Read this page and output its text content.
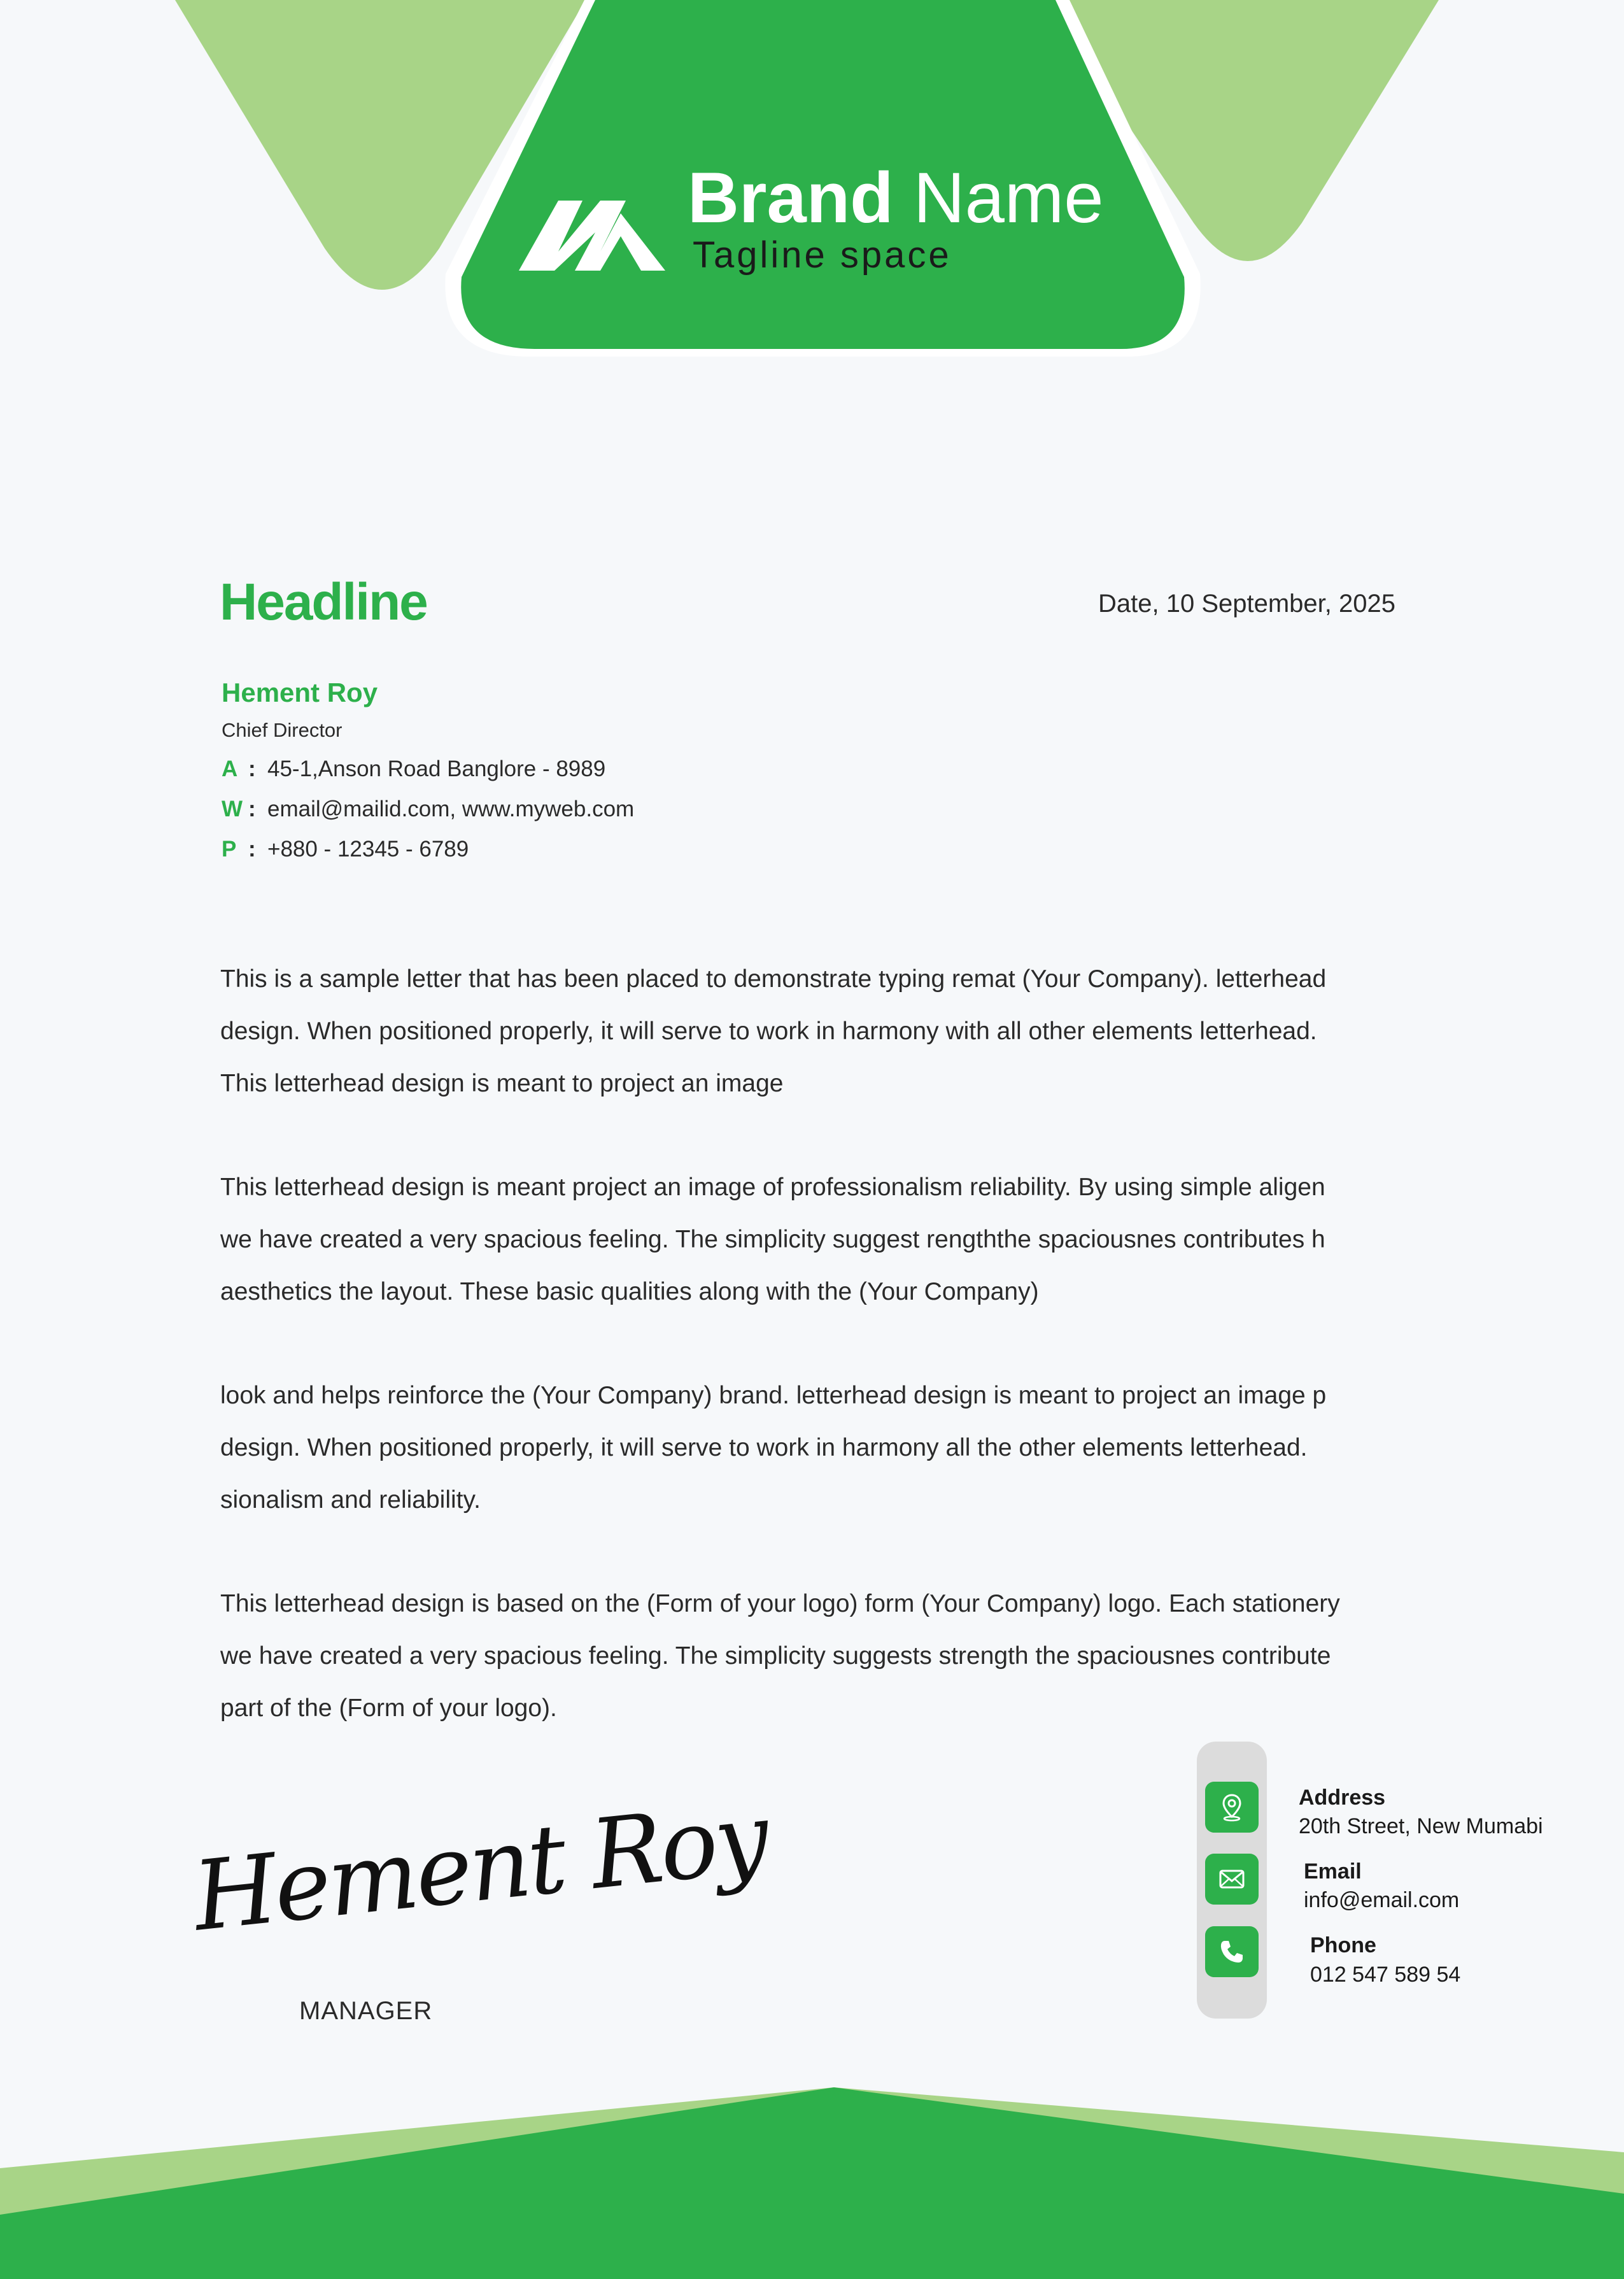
Brand Name
Tagline space
Headline	Date, 10 September, 2025
Hement Roy
Chief Director
A : 45-1,Anson Road Banglore - 8989
W : email@mailid.com, www.myweb.com
P : +880 - 12345 - 6789

This is a sample letter that has been placed to demonstrate typing remat (Your Company). letterhead

design. When positioned properly, it will serve to work in harmony with all other elements letterhead.

This letterhead design is meant to project an image

This letterhead design is meant project an image of professionalism reliability. By using simple aligen

we have created a very spacious feeling. The simplicity suggest rengththe spaciousnes contributes h

aesthetics the layout. These basic qualities along with the (Your Company)

look and helps reinforce the (Your Company) brand. letterhead design is meant to project an image p

design. When positioned properly, it will serve to work in harmony all the other elements letterhead.

sionalism and reliability.

This letterhead design is based on the (Form of your logo) form (Your Company) logo. Each stationery

we have created a very spacious feeling. The simplicity suggests strength the spaciousnes contribute

part of the (Form of your logo).

Hement Roy
MANAGER
Address
20th Street, New Mumabi
Email
info@email.com
Phone
012 547 589 54
